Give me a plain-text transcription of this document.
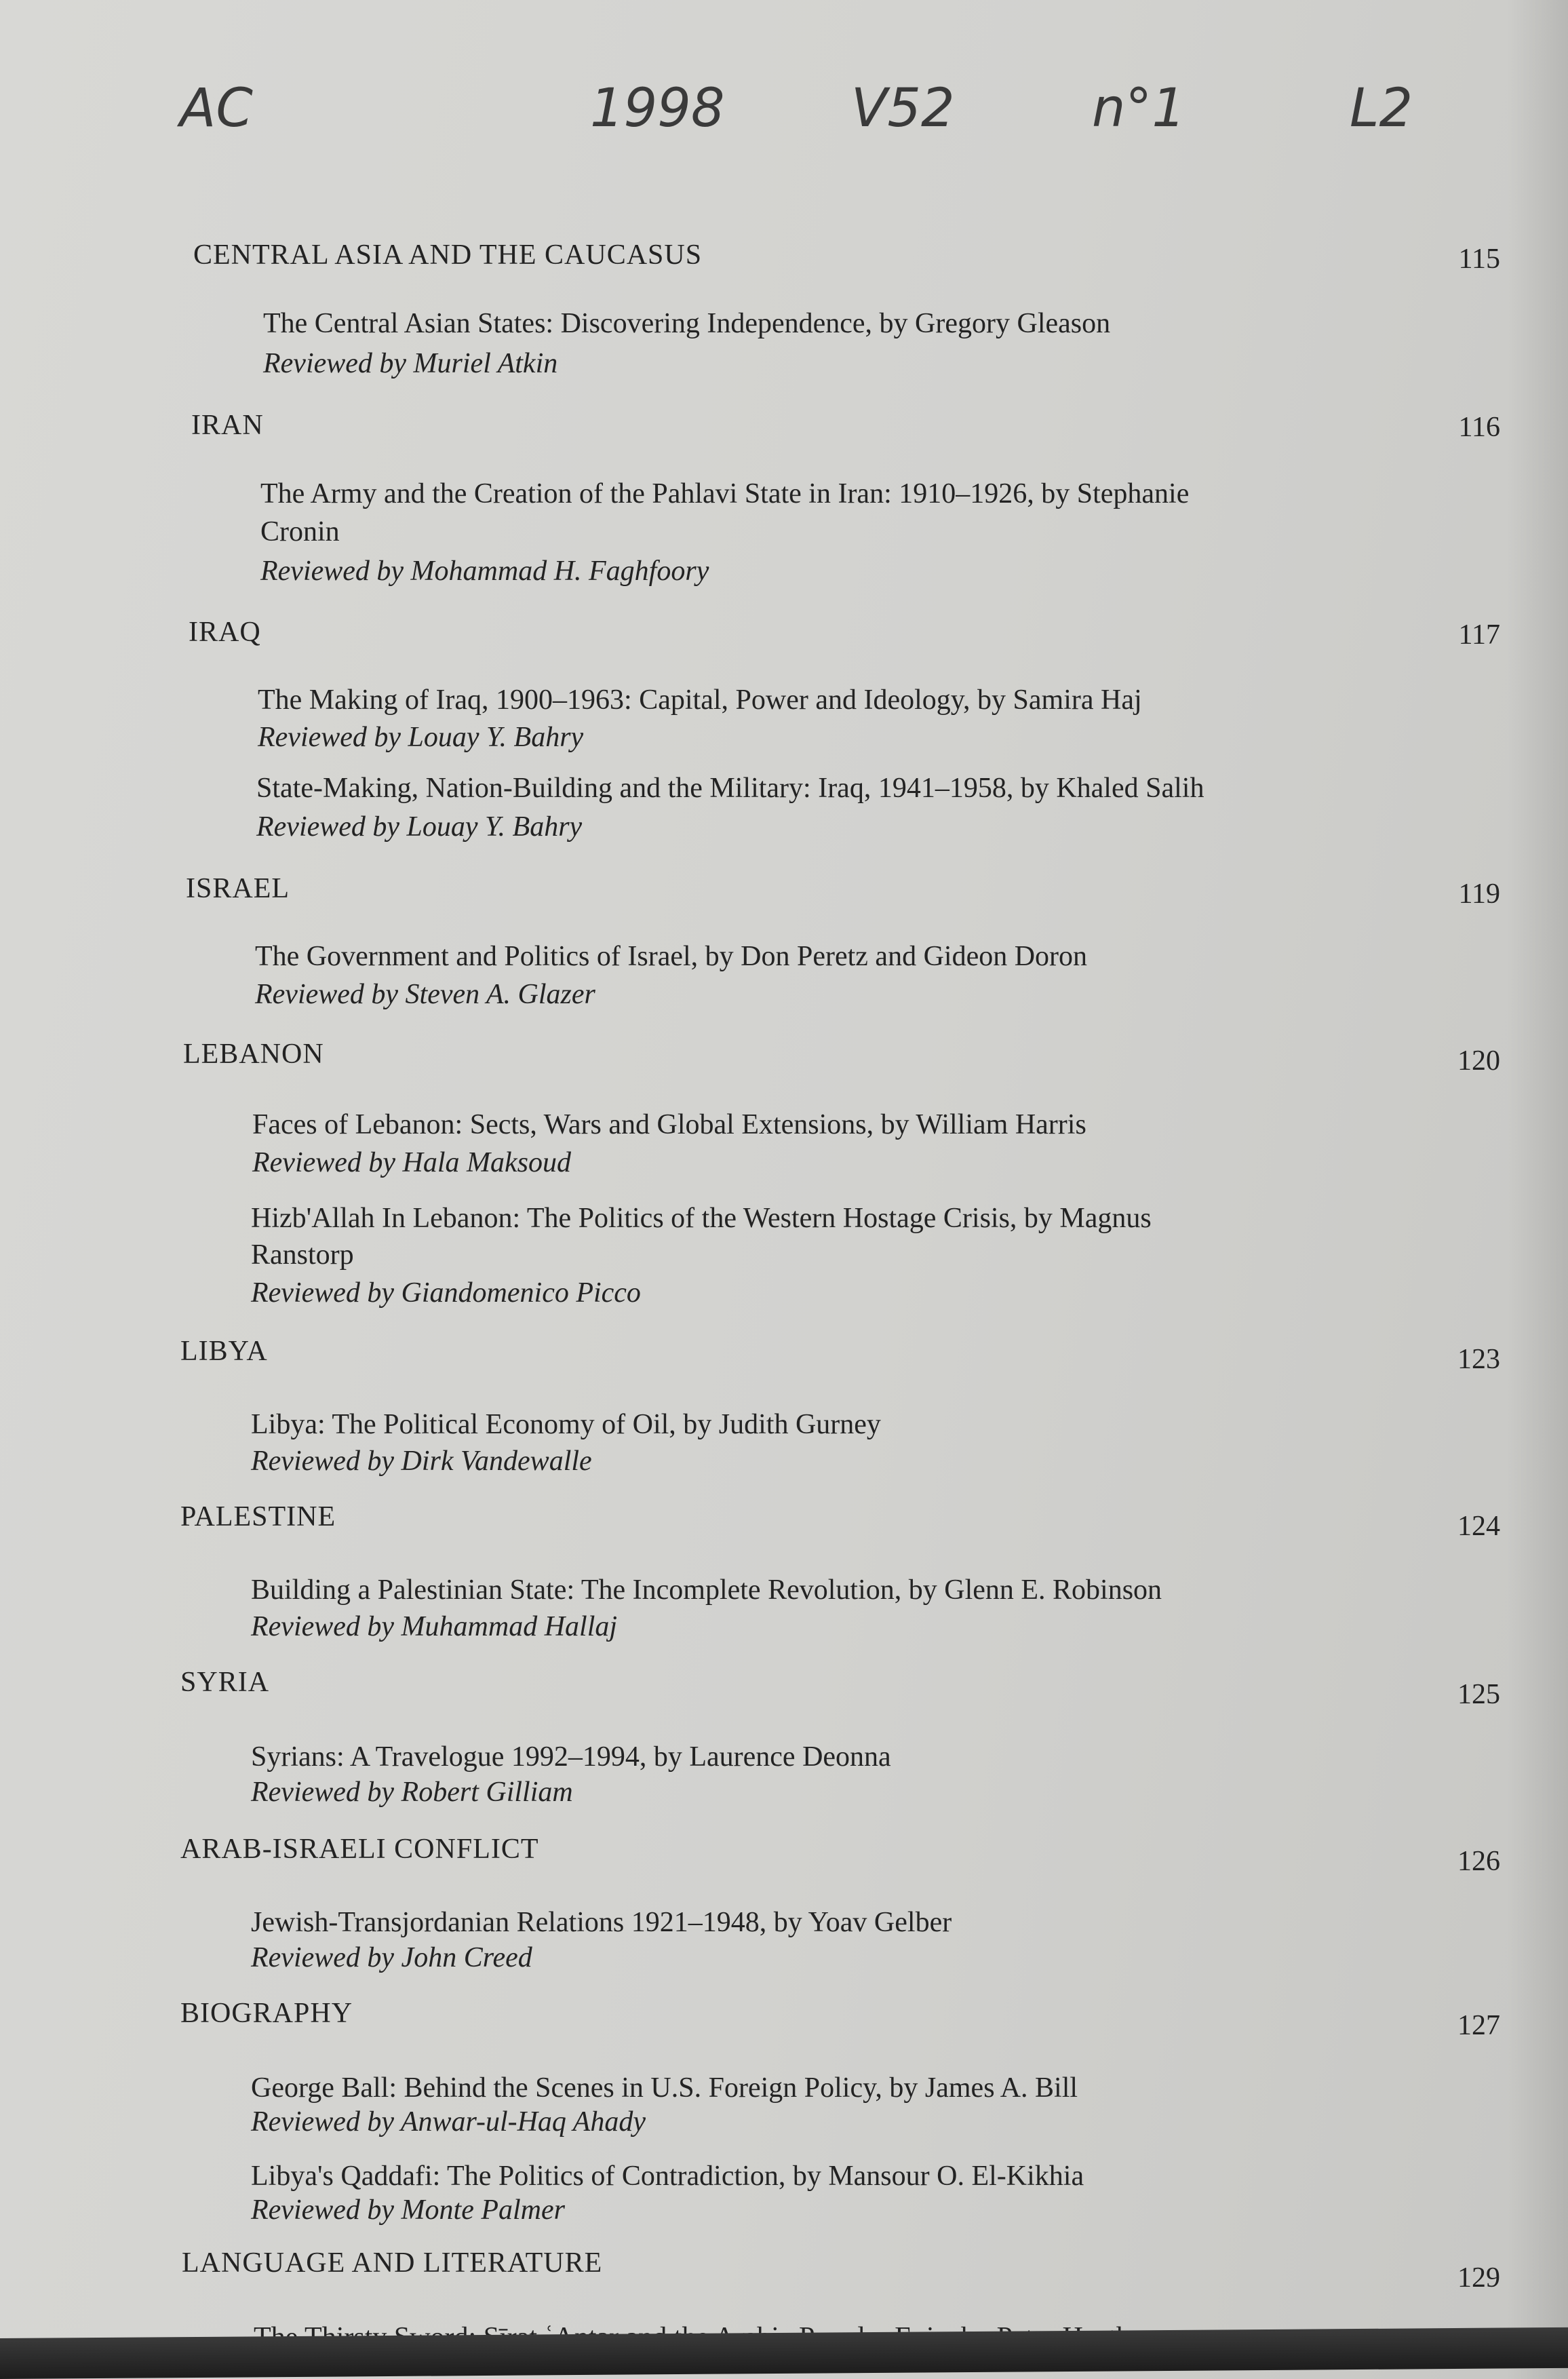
AC	1998 V52	n°1	L2
CENTRAL ASIA AND THE CAUCASUS	115
The Central Asian States: Discovering Independence, by Gregory Gleason
Reviewed by Muriel Atkin
IRAN	116
The Army and the Creation of the Pahlavi State in Iran: 1910–1926, by Stephanie
Cronin
Reviewed by Mohammad H. Faghfoory
IRAQ	117
The Making of Iraq, 1900–1963: Capital, Power and Ideology, by Samira Haj
Reviewed by Louay Y. Bahry
State-Making, Nation-Building and the Military: Iraq, 1941–1958, by Khaled Salih
Reviewed by Louay Y. Bahry
ISRAEL	119
The Government and Politics of Israel, by Don Peretz and Gideon Doron
Reviewed by Steven A. Glazer
LEBANON	120
Faces of Lebanon: Sects, Wars and Global Extensions, by William Harris
Reviewed by Hala Maksoud
Hizb'Allah In Lebanon: The Politics of the Western Hostage Crisis, by Magnus
Ranstorp
Reviewed by Giandomenico Picco
LIBYA	123
Libya: The Political Economy of Oil, by Judith Gurney
Reviewed by Dirk Vandewalle
PALESTINE	124
Building a Palestinian State: The Incomplete Revolution, by Glenn E. Robinson
Reviewed by Muhammad Hallaj
SYRIA	125
Syrians: A Travelogue 1992–1994, by Laurence Deonna
Reviewed by Robert Gilliam
ARAB-ISRAELI CONFLICT	126
Jewish-Transjordanian Relations 1921–1948, by Yoav Gelber
Reviewed by John Creed
BIOGRAPHY	127
George Ball: Behind the Scenes in U.S. Foreign Policy, by James A. Bill
Reviewed by Anwar-ul-Haq Ahady
Libya's Qaddafi: The Politics of Contradiction, by Mansour O. El-Kikhia
Reviewed by Monte Palmer
LANGUAGE AND LITERATURE	129
